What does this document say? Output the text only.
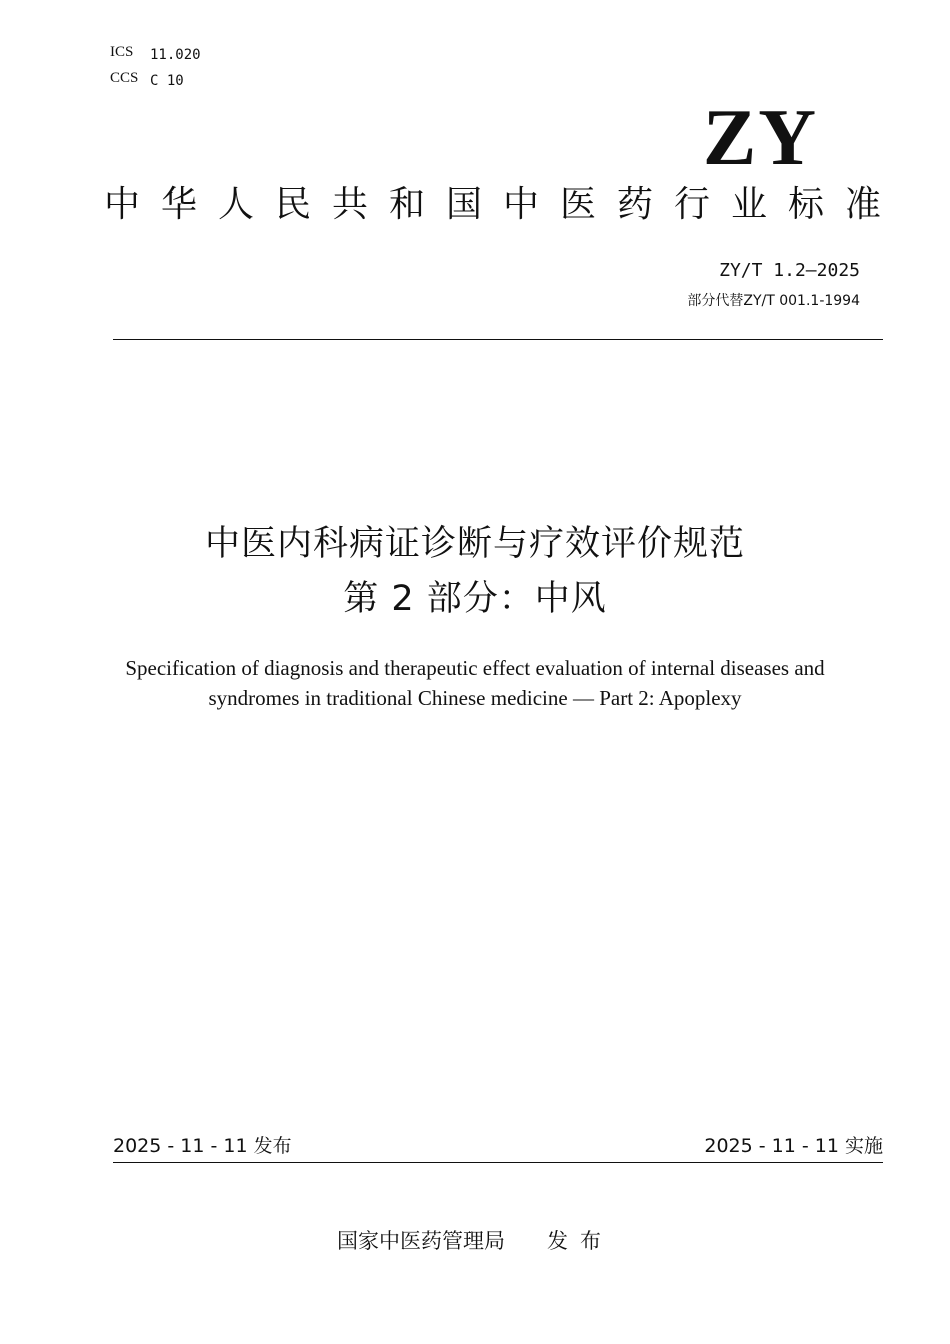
ICS 11.020
CCS C 10
ZY
中华人民共和国中医药行业标准
ZY/T 1.2—2025
部分代替ZY/T 001.1-1994
中医内科病证诊断与疗效评价规范
第 2 部分：中风
Specification of diagnosis and therapeutic effect evaluation of internal diseases and
syndromes in traditional Chinese medicine — Part 2: Apoplexy
2025 - 11 - 11 发布	2025 - 11 - 11 实施
国家中医药管理局 发布
